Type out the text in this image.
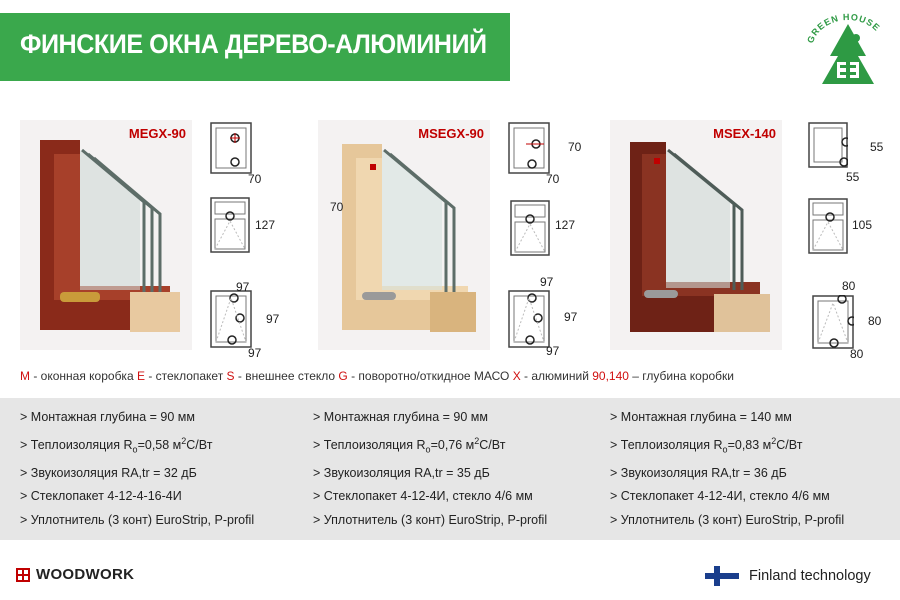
ФИНСКИЕ ОКНА ДЕРЕВО-АЛЮМИНИЙ	GREEN HOUSE
MEGX-90	MSEGX-90	MSEX-140
70
127
97
97
97
70
70
70
127
97
97
97
55
55
105
80
80
80
М - оконная коробка Е - стеклопакет S - внешнее стекло G - поворотно/откидное МАСО X - алюминий 90,140 – глубина коробки
> Монтажная глубина = 90 мм
> Теплоизоляция $R_o=0,58$ $м^2С/Вт$
> Звукоизоляция RA,tr = 32 дБ
> Стеклопакет 4-12-4-16-4И
> Уплотнитель (3 конт) EuroStrip, P-profil
> Монтажная глубина = 90 мм
> Теплоизоляция $R_o=0,76$ $м^2С/Вт$
> Звукоизоляция RA,tr = 35 дБ
> Стеклопакет 4-12-4И, стекло 4/6 мм
> Уплотнитель (3 конт) EuroStrip, P-profil
> Монтажная глубина = 140 мм
> Теплоизоляция $R_o=0,83$ $м^2С/Вт$
> Звукоизоляция RA,tr = 36 дБ
> Стеклопакет 4-12-4И, стекло 4/6 мм
> Уплотнитель (3 конт) EuroStrip, P-profil
WOODWORK	Finland technology
